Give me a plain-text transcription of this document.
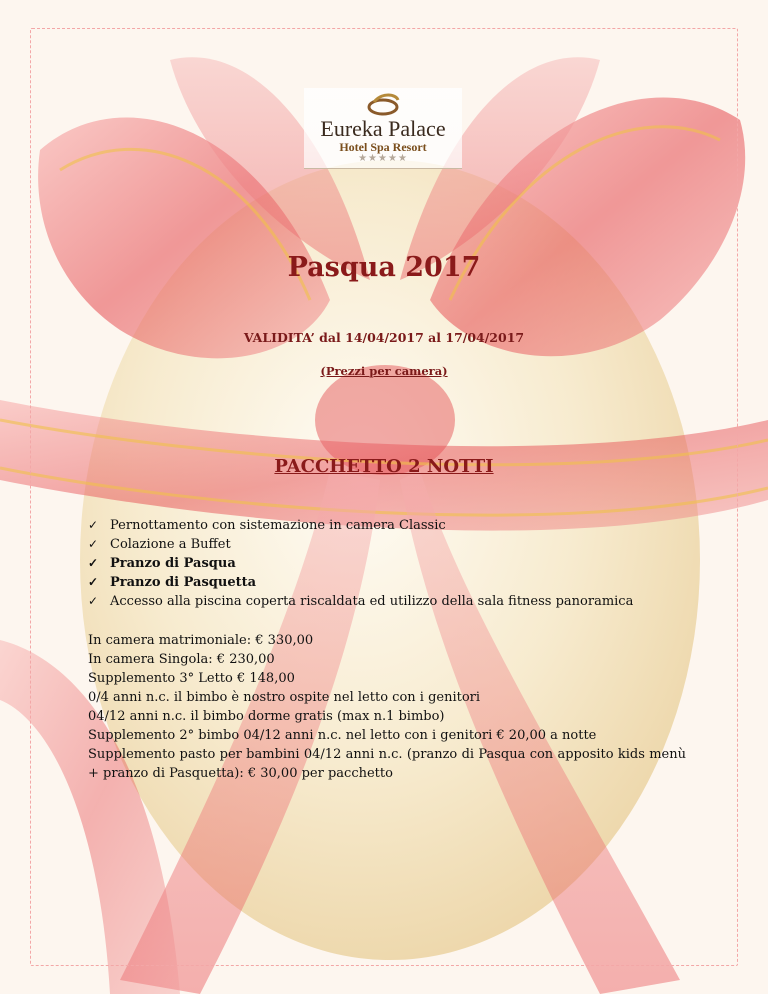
Eureka Palace
Hotel Spa Resort
★★★★★
Pasqua 2017
VALIDITA’ dal 14/04/2017 al 17/04/2017
(Prezzi per camera)
PACCHETTO 2 NOTTI
✓ Pernottamento con sistemazione in camera Classic
✓ Colazione a Buffet
✓ Pranzo di Pasqua
✓ Pranzo di Pasquetta
✓ Accesso alla piscina coperta riscaldata ed utilizzo della sala fitness panoramica
In camera matrimoniale: € 330,00
In camera Singola: € 230,00
Supplemento 3° Letto € 148,00
0/4 anni n.c. il bimbo è nostro ospite nel letto con i genitori
04/12 anni n.c. il bimbo dorme gratis (max n.1 bimbo)
Supplemento 2° bimbo 04/12 anni n.c. nel letto con i genitori € 20,00 a notte
Supplemento pasto per bambini 04/12 anni n.c. (pranzo di Pasqua con apposito kids menù + pranzo di Pasquetta): € 30,00 per pacchetto
